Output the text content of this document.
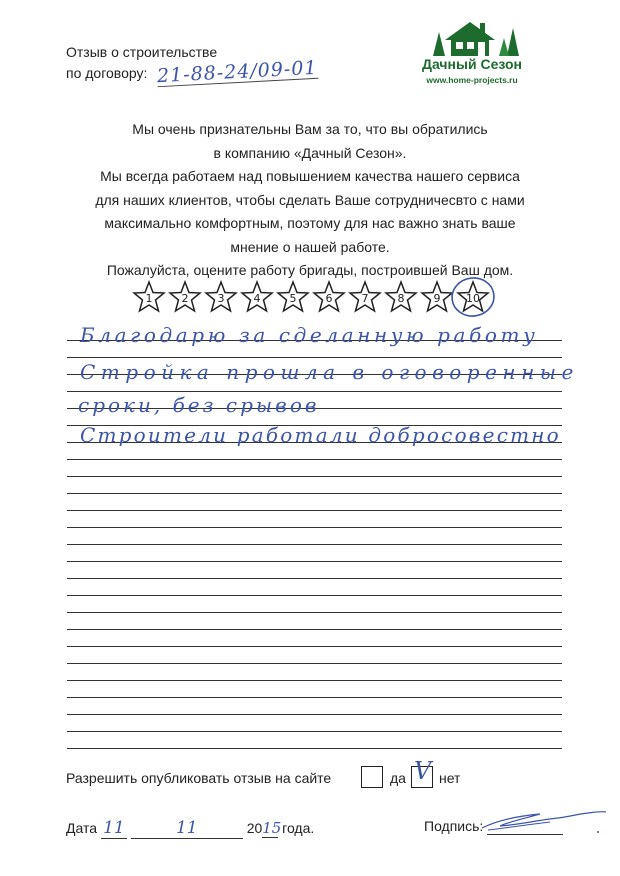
Отзыв о строительстве
по договору: 21-88-24/09-01	Дачный Сезон
www.home-projects.ru
Мы очень признательны Вам за то, что вы обратились
в компанию «Дачный Сезон».
Мы всегда работаем над повышением качества нашего сервиса
для наших клиентов, чтобы сделать Ваше сотрудничесвто с нами
максимально комфортным, поэтому для нас важно знать ваше
мнение о нашей работе.
Пожалуйста, оцените работу бригады, построившей Ваш дом.
1	2	3	4	5	6	7	8	9	10
Благодарю за сделанную работу
Стройка прошла в оговоренные
сроки, без срывов
Строители работали добросовестно
Разрешить опубликовать отзыв на сайте	да V нет
Дата 11	11	2015 года.	Подпись:
